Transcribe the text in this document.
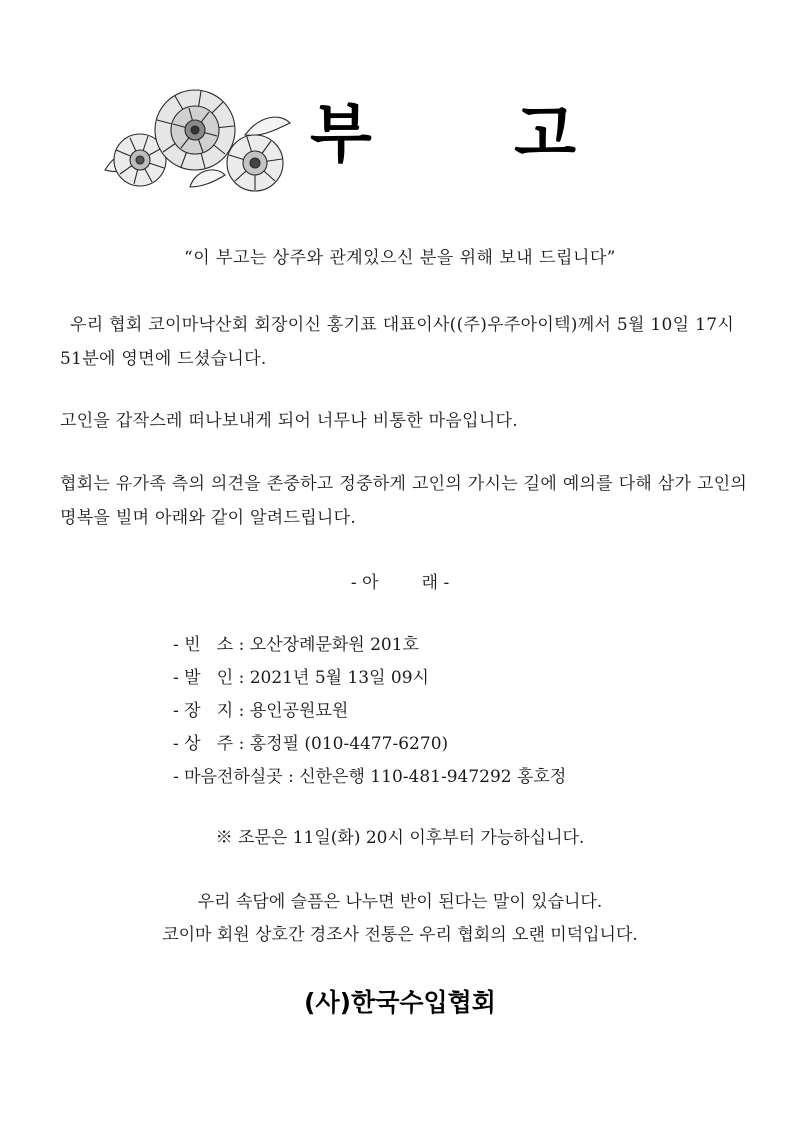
부 고
“이 부고는 상주와 관계있으신 분을 위해 보내 드립니다”
우리 협회 코이마낙산회 회장이신 홍기표 대표이사((주)우주아이텍)께서 5월 10일 17시 51분에 영면에 드셨습니다.
고인을 갑작스레 떠나보내게 되어 너무나 비통한 마음입니다.
협회는 유가족 측의 의견을 존중하고 정중하게 고인의 가시는 길에 예의를 다해 삼가 고인의 명복을 빌며 아래와 같이 알려드립니다.
- 아        래 -
- 빈   소 : 오산장례문화원 201호
- 발   인 : 2021년 5월 13일 09시
- 장   지 : 용인공원묘원
- 상   주 : 홍정필 (010-4477-6270)
- 마음전하실곳 : 신한은행 110-481-947292 홍호정
※ 조문은 11일(화) 20시 이후부터 가능하십니다.
우리 속담에 슬픔은 나누면 반이 된다는 말이 있습니다.
코이마 회원 상호간 경조사 전통은 우리 협회의 오랜 미덕입니다.
(사)한국수입협회
